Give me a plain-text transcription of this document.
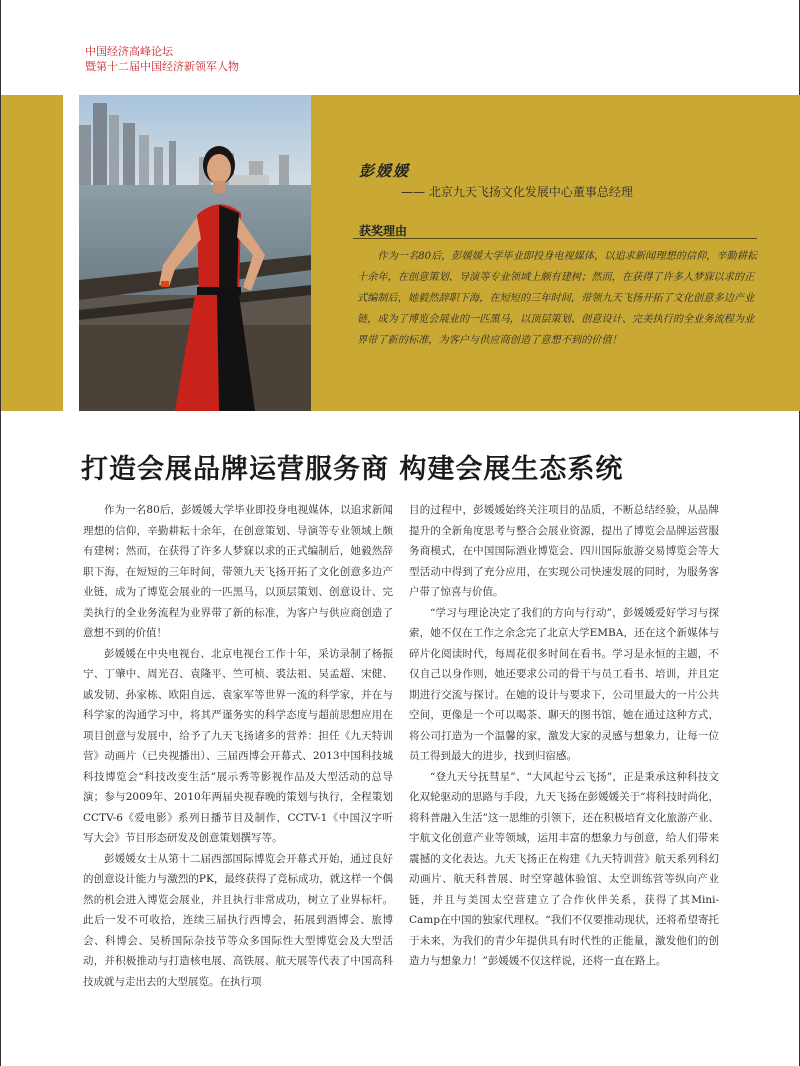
中国经济高峰论坛
暨第十二届中国经济新领军人物
彭媛媛
—— 北京九天飞扬文化发展中心董事总经理
获奖理由
作为一名80后，彭媛媛大学毕业即投身电视媒体，以追求新闻理想的信仰，辛勤耕耘十余年，在创意策划、导演等专业领域上颇有建树；然而，在获得了许多人梦寐以求的正式编制后，她毅然辞职下海，在短短的三年时间，带领九天飞扬开拓了文化创意多边产业链，成为了博览会展业的一匹黑马，以顶层策划、创意设计、完美执行的全业务流程为业界带了新的标准，为客户与供应商创造了意想不到的价值！
打造会展品牌运营服务商 构建会展生态系统

作为一名80后，彭媛媛大学毕业即投身电视媒体，以追求新闻理想的信仰，辛勤耕耘十余年，在创意策划、导演等专业领域上颇有建树；然而，在获得了许多人梦寐以求的正式编制后，她毅然辞职下海，在短短的三年时间，带领九天飞扬开拓了文化创意多边产业链，成为了博览会展业的一匹黑马，以顶层策划、创意设计、完美执行的全业务流程为业界带了新的标准，为客户与供应商创造了意想不到的价值！

彭媛媛在中央电视台、北京电视台工作十年，采访录制了杨振宁、丁肇中、周光召、袁隆平、竺可桢、裘法祖、吴孟超、宋健、戚发韧、孙家栋、欧阳自远、袁家军等世界一流的科学家，并在与科学家的沟通学习中，将其严谨务实的科学态度与超前思想应用在项目创意与发展中，给予了九天飞扬诸多的营养：担任《九天特训营》动画片（已央视播出）、三届西博会开幕式、2013中国科技城科技博览会“科技改变生活”展示秀等影视作品及大型活动的总导演；参与2009年、2010年两届央视春晚的策划与执行，全程策划CCTV-6《爱电影》系列日播节目及制作，CCTV-1《中国汉字听写大会》节目形态研发及创意策划撰写等。

彭媛媛女士从第十二届西部国际博览会开幕式开始，通过良好的创意设计能力与激烈的PK，最终获得了竞标成功，就这样一个偶然的机会进入博览会展业，并且执行非常成功，树立了业界标杆。此后一发不可收拾，连续三届执行西博会，拓展到酒博会、旅博会、科博会、吴桥国际杂技节等众多国际性大型博览会及大型活动，并积极推动与打造核电展、高铁展、航天展等代表了中国高科技成就与走出去的大型展览。在执行项

目的过程中，彭媛媛始终关注项目的品质，不断总结经验，从品牌提升的全新角度思考与整合会展业资源，提出了博览会品牌运营服务商模式，在中国国际酒业博览会、四川国际旅游交易博览会等大型活动中得到了充分应用，在实现公司快速发展的同时，为服务客户带了惊喜与价值。

“学习与理论决定了我们的方向与行动”，彭媛媛爱好学习与探索，她不仅在工作之余念完了北京大学EMBA，还在这个新媒体与碎片化阅读时代，每周花很多时间在看书。学习是永恒的主题，不仅自己以身作则，她还要求公司的骨干与员工看书、培训，并且定期进行交流与探讨。在她的设计与要求下，公司里最大的一片公共空间，更像是一个可以喝茶、聊天的图书馆，她在通过这种方式，将公司打造为一个温馨的家，激发大家的灵感与想象力，让每一位员工得到最大的进步，找到归宿感。

“登九天兮抚彗星”、“大风起兮云飞扬”，正是秉承这种科技文化双轮驱动的思路与手段，九天飞扬在彭媛媛关于“将科技时尚化，将科普融入生活”这一思维的引领下，还在积极培育文化旅游产业、宇航文化创意产业等领域，运用丰富的想象力与创意，给人们带来震撼的文化表达。九天飞扬正在构建《九天特训营》航天系列科幻动画片、航天科普展、时空穿越体验馆、太空训练营等纵向产业链，并且与美国太空营建立了合作伙伴关系，获得了其Mini-Camp在中国的独家代理权。“我们不仅要推动现状，还将希望寄托于未来，为我们的青少年提供具有时代性的正能量，激发他们的创造力与想象力！”彭媛媛不仅这样说，还将一直在路上。
